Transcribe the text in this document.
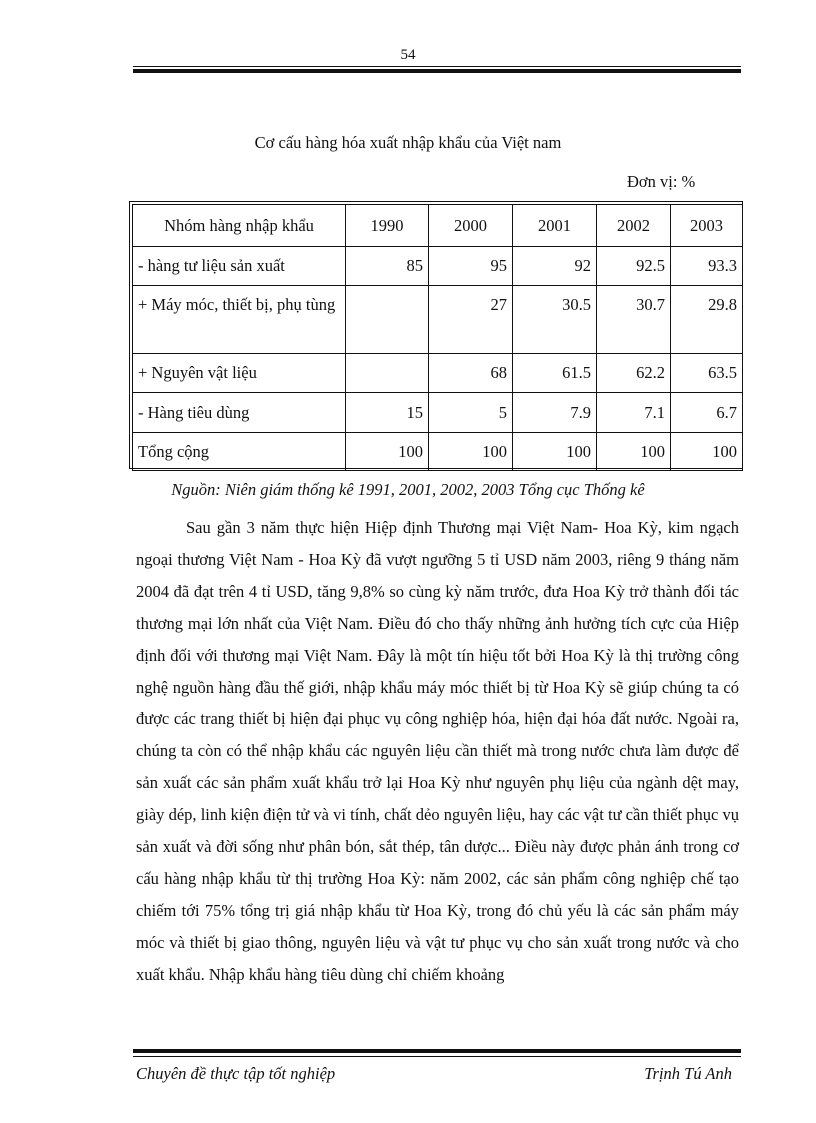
54
Cơ cấu hàng hóa xuất nhập khẩu của Việt nam
Đơn vị: %
Nhóm hàng nhập khẩu	1990	2000	2001	2002	2003
- hàng tư liệu sản xuất	85	95	92	92.5	93.3

+ Máy móc, thiết bị, phụ tùng		27	30.5	30.7	29.8
+ Nguyên vật liệu		68	61.5	62.2	63.5
- Hàng tiêu dùng	15	5	7.9	7.1	6.7
Tổng cộng	100	100	100	100	100
Nguồn: Niên giám thống kê 1991, 2001, 2002, 2003 Tổng cục Thống kê

Sau gần 3 năm thực hiện Hiệp định Thương mại Việt Nam- Hoa Kỳ, kim ngạch ngoại thương Việt Nam - Hoa Kỳ đã vượt ngưỡng 5 tỉ USD năm 2003, riêng 9 tháng năm 2004 đã đạt trên 4 tỉ USD, tăng 9,8% so cùng kỳ năm trước, đưa Hoa Kỳ trở thành đối tác thương mại lớn nhất của Việt Nam. Điều đó cho thấy những ảnh hưởng tích cực của Hiệp định đối với thương mại Việt Nam. Đây là một tín hiệu tốt bởi Hoa Kỳ là thị trường công nghệ nguồn hàng đầu thế giới, nhập khẩu máy móc thiết bị từ Hoa Kỳ sẽ giúp chúng ta có được các trang thiết bị hiện đại phục vụ công nghiệp hóa, hiện đại hóa đất nước. Ngoài ra, chúng ta còn có thể nhập khẩu các nguyên liệu cần thiết mà trong nước chưa làm được để sản xuất các sản phẩm xuất khẩu trở lại Hoa Kỳ như nguyên phụ liệu của ngành dệt may, giày dép, linh kiện điện tử và vi tính, chất dẻo nguyên liệu, hay các vật tư cần thiết phục vụ sản xuất và đời sống như phân bón, sắt thép, tân dược... Điều này được phản ánh trong cơ cấu hàng nhập khẩu từ thị trường Hoa Kỳ: năm 2002, các sản phẩm công nghiệp chế tạo chiếm tới 75% tổng trị giá nhập khẩu từ Hoa Kỳ, trong đó chủ yếu là các sản phẩm máy móc và thiết bị giao thông, nguyên liệu và vật tư phục vụ cho sản xuất trong nước và cho xuất khẩu. Nhập khẩu hàng tiêu dùng chỉ chiếm khoảng

Chuyên đề thực tập tốt nghiệp	Trịnh Tú Anh
